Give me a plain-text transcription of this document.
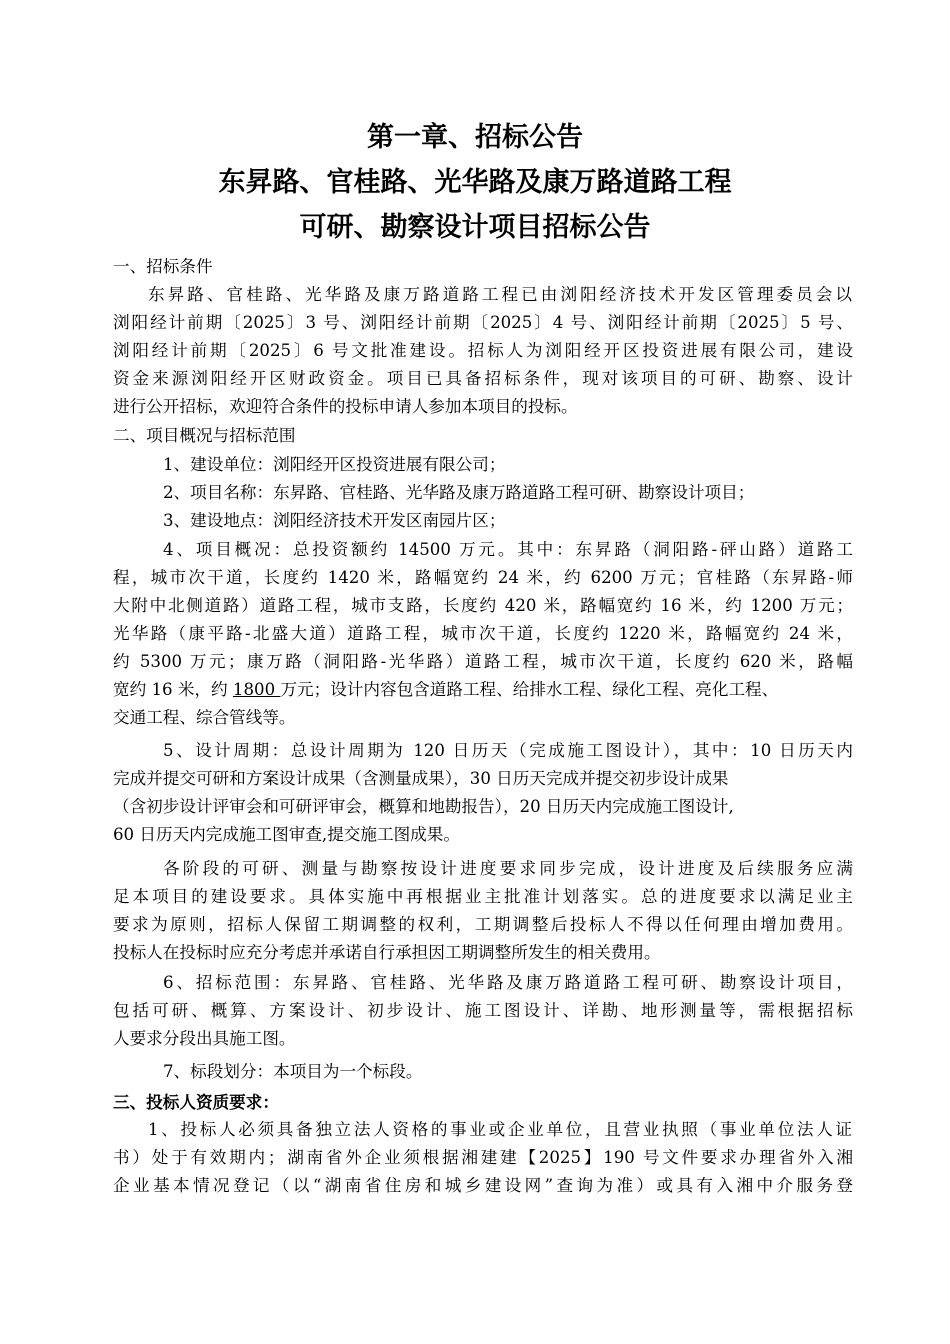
第一章、招标公告
东昇路、官桂路、光华路及康万路道路工程
可研、勘察设计项目招标公告
一、招标条件
东昇路、官桂路、光华路及康万路道路工程已由浏阳经济技术开发区管理委员会以
浏阳经计前期〔2025〕3 号、浏阳经计前期〔2025〕4 号、浏阳经计前期〔2025〕5 号、
浏阳经计前期〔2025〕6 号文批准建设。招标人为浏阳经开区投资进展有限公司，建设
资金来源浏阳经开区财政资金。项目已具备招标条件，现对该项目的可研、勘察、设计
进行公开招标，欢迎符合条件的投标申请人参加本项目的投标。
二、项目概况与招标范围
1、建设单位：浏阳经开区投资进展有限公司；
2、项目名称：东昇路、官桂路、光华路及康万路道路工程可研、勘察设计项目；
3、建设地点：浏阳经济技术开发区南园片区；
4、项目概况：总投资额约 14500 万元。其中：东昇路（洞阳路-砰山路）道路工
程，城市次干道，长度约 1420 米，路幅宽约 24 米，约 6200 万元；官桂路（东昇路-师
大附中北侧道路）道路工程，城市支路，长度约 420 米，路幅宽约 16 米，约 1200 万元；
光华路（康平路-北盛大道）道路工程，城市次干道，长度约 1220 米，路幅宽约 24 米，
约 5300 万元；康万路（洞阳路-光华路）道路工程，城市次干道，长度约 620 米，路幅
宽约 16 米，约 1800 万元；设计内容包含道路工程、给排水工程、绿化工程、亮化工程、
交通工程、综合管线等。
5、设计周期：总设计周期为 120 日历天（完成施工图设计），其中：10 日历天内
完成并提交可研和方案设计成果（含测量成果），30 日历天完成并提交初步设计成果
（含初步设计评审会和可研评审会，概算和地勘报告），20 日历天内完成施工图设计,
60 日历天内完成施工图审查,提交施工图成果。
各阶段的可研、测量与勘察按设计进度要求同步完成，设计进度及后续服务应满
足本项目的建设要求。具体实施中再根据业主批准计划落实。总的进度要求以满足业主
要求为原则，招标人保留工期调整的权利，工期调整后投标人不得以任何理由增加费用。
投标人在投标时应充分考虑并承诺自行承担因工期调整所发生的相关费用。
6、招标范围：东昇路、官桂路、光华路及康万路道路工程可研、勘察设计项目，
包括可研、概算、方案设计、初步设计、施工图设计、详勘、地形测量等，需根据招标
人要求分段出具施工图。
7、标段划分：本项目为一个标段。
三、投标人资质要求：
1、投标人必须具备独立法人资格的事业或企业单位，且营业执照（事业单位法人证
书）处于有效期内；湖南省外企业须根据湘建建【2025】190 号文件要求办理省外入湘
企业基本情况登记（以“湖南省住房和城乡建设网”查询为准）或具有入湘中介服务登
